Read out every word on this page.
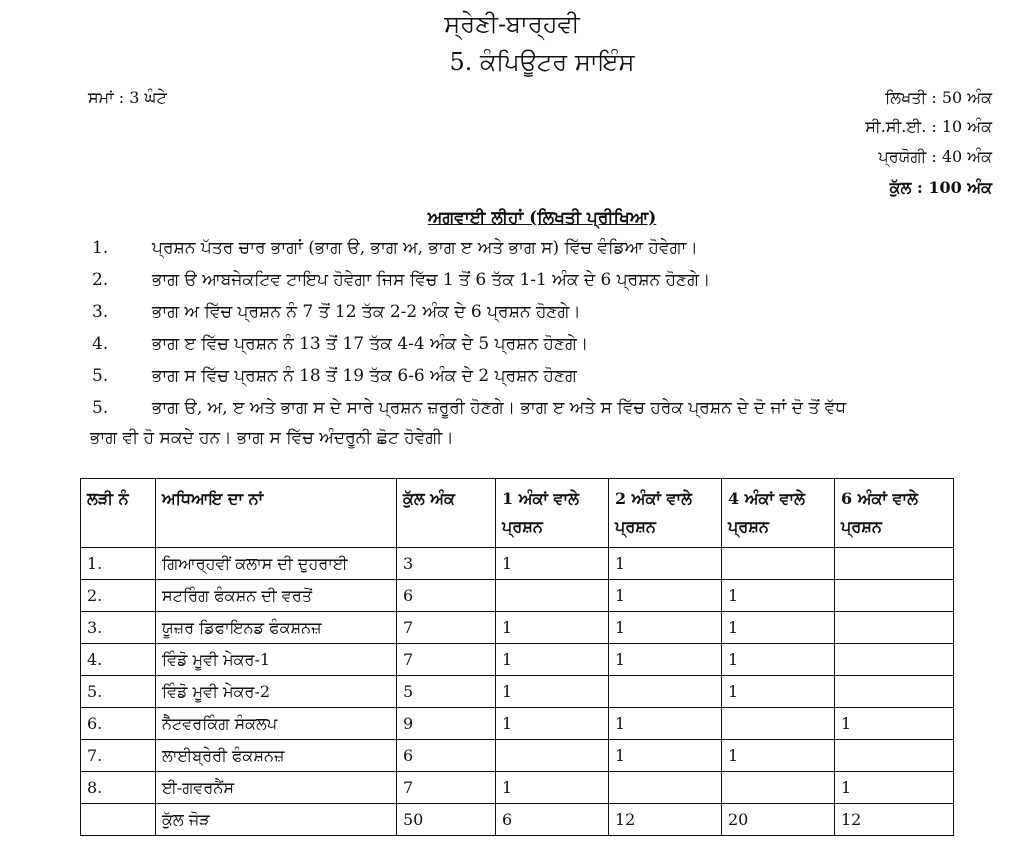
ਸ੍ਰੇਣੀ-ਬਾਰ੍ਹਵੀ
5. ਕੰਪਿਊਟਰ ਸਾਇੰਸ
ਸਮਾਂ : 3 ਘੰਟੇ	ਲਿਖਤੀ : 50 ਅੰਕ
ਸੀ.ਸੀ.ਈ. : 10 ਅੰਕ
ਪ੍ਰਯੋਗੀ : 40 ਅੰਕ
ਕੁੱਲ : 100 ਅੰਕ
ਅਗਵਾਈ ਲੀਹਾਂ (ਲਿਖਤੀ ਪ੍ਰੀਖਿਆ)
1.	ਪ੍ਰਸ਼ਨ ਪੱਤਰ ਚਾਰ ਭਾਗਾਂ (ਭਾਗ ੳ, ਭਾਗ ਅ, ਭਾਗ ੲ ਅਤੇ ਭਾਗ ਸ) ਵਿੱਚ ਵੰਡਿਆ ਹੋਵੇਗਾ।
2.	ਭਾਗ ੳ ਆਬਜੇਕਟਿਵ ਟਾਇਪ ਹੋਵੇਗਾ ਜਿਸ ਵਿੱਚ 1 ਤੋਂ 6 ਤੱਕ 1-1 ਅੰਕ ਦੇ 6 ਪ੍ਰਸ਼ਨ ਹੋਣਗੇ।
3.	ਭਾਗ ਅ ਵਿੱਚ ਪ੍ਰਸ਼ਨ ਨੰ 7 ਤੋਂ 12 ਤੱਕ 2-2 ਅੰਕ ਦੇ 6 ਪ੍ਰਸ਼ਨ ਹੋਣਗੇ।
4.	ਭਾਗ ੲ ਵਿੱਚ ਪ੍ਰਸ਼ਨ ਨੰ 13 ਤੋਂ 17 ਤੱਕ 4-4 ਅੰਕ ਦੇ 5 ਪ੍ਰਸ਼ਨ ਹੋਣਗੇ।
5.	ਭਾਗ ਸ ਵਿੱਚ ਪ੍ਰਸ਼ਨ ਨੰ 18 ਤੋਂ 19 ਤੱਕ 6-6 ਅੰਕ ਦੇ 2 ਪ੍ਰਸ਼ਨ ਹੋਣਗ
5.	ਭਾਗ ੳ, ਅ, ੲ ਅਤੇ ਭਾਗ ਸ ਦੇ ਸਾਰੇ ਪ੍ਰਸ਼ਨ ਜ਼ਰੂਰੀ ਹੋਣਗੇ। ਭਾਗ ੲ ਅਤੇ ਸ ਵਿੱਚ ਹਰੇਕ ਪ੍ਰਸ਼ਨ ਦੇ ਦੋ ਜਾਂ ਦੋ ਤੋਂ ਵੱਧ
ਭਾਗ ਵੀ ਹੋ ਸਕਦੇ ਹਨ। ਭਾਗ ਸ ਵਿੱਚ ਅੰਦਰੂਨੀ ਛੋਟ ਹੋਵੇਗੀ।
ਲੜੀ ਨੰ	ਅਧਿਆਇ ਦਾ ਨਾਂ	ਕੁੱਲ ਅੰਕ	1 ਅੰਕਾਂ ਵਾਲੇ ਪ੍ਰਸ਼ਨ	2 ਅੰਕਾਂ ਵਾਲੇ ਪ੍ਰਸ਼ਨ	4 ਅੰਕਾਂ ਵਾਲੇ ਪ੍ਰਸ਼ਨ	6 ਅੰਕਾਂ ਵਾਲੇ ਪ੍ਰਸ਼ਨ
1.	ਗਿਆਰ੍ਹਵੀਂ ਕਲਾਸ ਦੀ ਦੁਹਰਾਈ	3	1	1		
2.	ਸਟਰਿੰਗ ਫੰਕਸ਼ਨ ਦੀ ਵਰਤੋਂ	6		1	1	
3.	ਯੂਜ਼ਰ ਡਿਫਾਇਨਡ ਫੰਕਸ਼ਨਜ਼	7	1	1	1	
4.	ਵਿੰਡੋ ਮੂਵੀ ਮੇਕਰ-1	7	1	1	1	
5.	ਵਿੰਡੋ ਮੂਵੀ ਮੇਕਰ-2	5	1		1	
6.	ਨੈੱਟਵਰਕਿੰਗ ਸੰਕਲਪ	9	1	1		1
7.	ਲਾਈਬ੍ਰੇਰੀ ਫੰਕਸ਼ਨਜ਼	6		1	1	
8.	ਈ-ਗਵਰਨੈਂਸ	7	1			1
	ਕੁੱਲ ਜੋੜ	50	6	12	20	12
